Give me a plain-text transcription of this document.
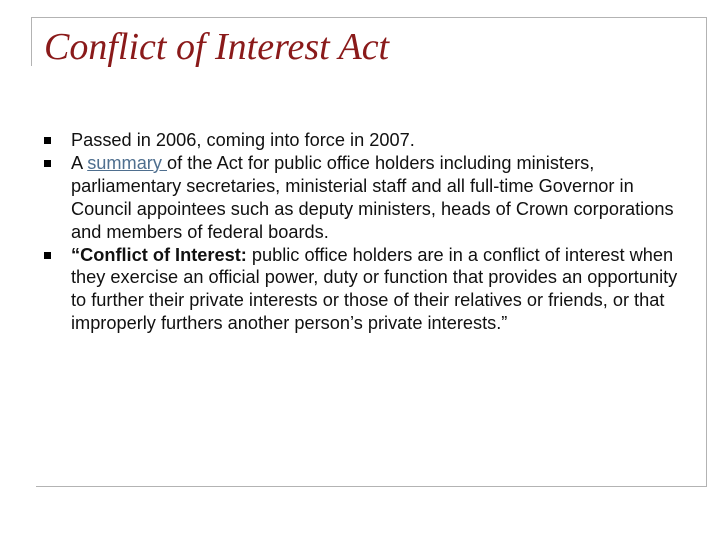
Conflict of Interest Act
Passed in 2006, coming into force in 2007.
A summary of the Act for public office holders including ministers, parliamentary secretaries, ministerial staff and all full-time Governor in Council appointees such as deputy ministers, heads of Crown corporations and members of federal boards.
“Conflict of Interest: public office holders are in a conflict of interest when they exercise an official power, duty or function that provides an opportunity to further their private interests or those of their relatives or friends, or that improperly furthers another person’s private interests.”
